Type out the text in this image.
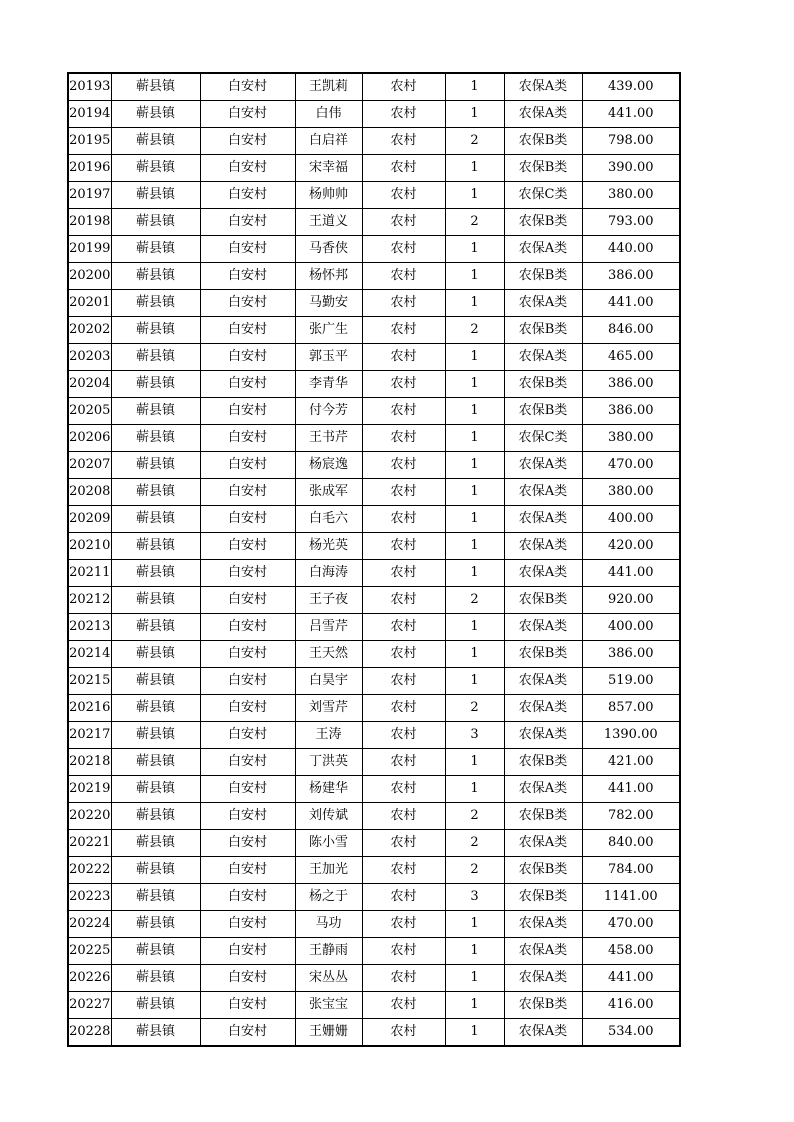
20193	蕲县镇	白安村	王凯莉	农村	1	农保A类	439.00
20194	蕲县镇	白安村	白伟	农村	1	农保A类	441.00
20195	蕲县镇	白安村	白启祥	农村	2	农保B类	798.00
20196	蕲县镇	白安村	宋幸福	农村	1	农保B类	390.00
20197	蕲县镇	白安村	杨帅帅	农村	1	农保C类	380.00
20198	蕲县镇	白安村	王道义	农村	2	农保B类	793.00
20199	蕲县镇	白安村	马香侠	农村	1	农保A类	440.00
20200	蕲县镇	白安村	杨怀邦	农村	1	农保B类	386.00
20201	蕲县镇	白安村	马勤安	农村	1	农保A类	441.00
20202	蕲县镇	白安村	张广生	农村	2	农保B类	846.00
20203	蕲县镇	白安村	郭玉平	农村	1	农保A类	465.00
20204	蕲县镇	白安村	李青华	农村	1	农保B类	386.00
20205	蕲县镇	白安村	付今芳	农村	1	农保B类	386.00
20206	蕲县镇	白安村	王书芹	农村	1	农保C类	380.00
20207	蕲县镇	白安村	杨宸逸	农村	1	农保A类	470.00
20208	蕲县镇	白安村	张成军	农村	1	农保A类	380.00
20209	蕲县镇	白安村	白毛六	农村	1	农保A类	400.00
20210	蕲县镇	白安村	杨光英	农村	1	农保A类	420.00
20211	蕲县镇	白安村	白海涛	农村	1	农保A类	441.00
20212	蕲县镇	白安村	王子夜	农村	2	农保B类	920.00
20213	蕲县镇	白安村	吕雪芹	农村	1	农保A类	400.00
20214	蕲县镇	白安村	王天然	农村	1	农保B类	386.00
20215	蕲县镇	白安村	白昊宇	农村	1	农保A类	519.00
20216	蕲县镇	白安村	刘雪芹	农村	2	农保A类	857.00
20217	蕲县镇	白安村	王涛	农村	3	农保A类	1390.00
20218	蕲县镇	白安村	丁洪英	农村	1	农保B类	421.00
20219	蕲县镇	白安村	杨建华	农村	1	农保A类	441.00
20220	蕲县镇	白安村	刘传斌	农村	2	农保B类	782.00
20221	蕲县镇	白安村	陈小雪	农村	2	农保A类	840.00
20222	蕲县镇	白安村	王加光	农村	2	农保B类	784.00
20223	蕲县镇	白安村	杨之于	农村	3	农保B类	1141.00
20224	蕲县镇	白安村	马功	农村	1	农保A类	470.00
20225	蕲县镇	白安村	王静雨	农村	1	农保A类	458.00
20226	蕲县镇	白安村	宋丛丛	农村	1	农保A类	441.00
20227	蕲县镇	白安村	张宝宝	农村	1	农保B类	416.00
20228	蕲县镇	白安村	王姗姗	农村	1	农保A类	534.00
